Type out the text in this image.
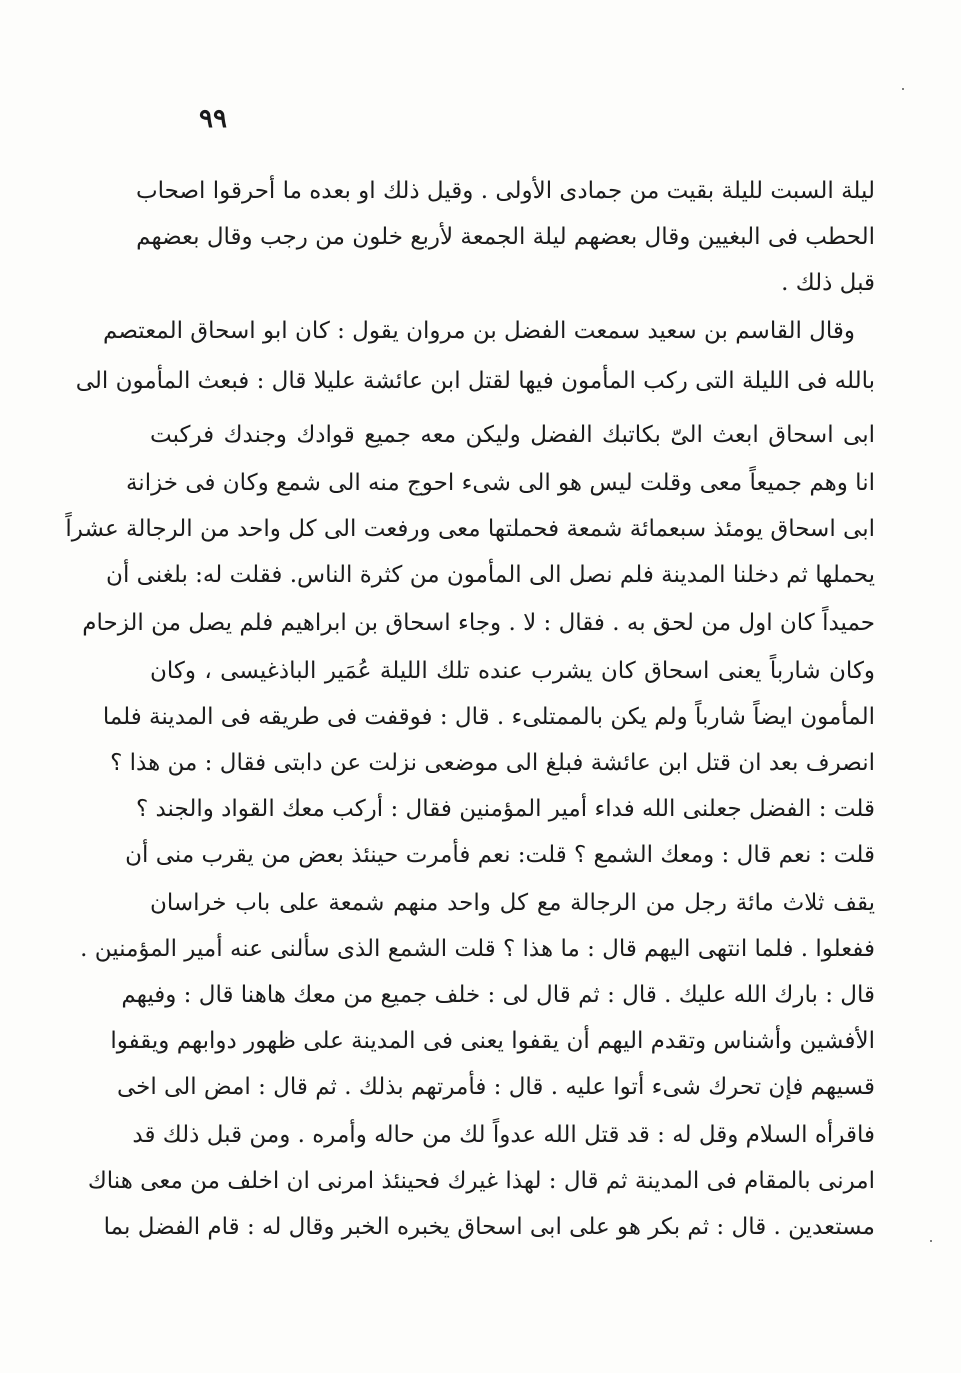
٩٩
ليلة السبت لليلة بقيت من جمادى الأولى . وقيل ذلك او بعده ما أحرقوا اصحاب
الحطب فى البغيين وقال بعضهم ليلة الجمعة لأربع خلون من رجب وقال بعضهم
قبل ذلك .
وقال القاسم بن سعيد سمعت الفضل بن مروان يقول : كان ابو اسحاق المعتصم
بالله فى الليلة التى ركب المأمون فيها لقتل ابن عائشة عليلا قال : فبعث المأمون الى
ابى اسحاق ابعث الىّ بكاتبك الفضل وليكن معه جميع قوادك وجندك فركبت
انا وهم جميعاً معى وقلت ليس هو الى شىء احوج منه الى شمع وكان فى خزانة
ابى اسحاق يومئذ سبعمائة شمعة فحملتها معى ورفعت الى كل واحد من الرجالة عشراً
يحملها ثم دخلنا المدينة فلم نصل الى المأمون من كثرة الناس. فقلت له: بلغنى أن
حميداً كان اول من لحق به . فقال : لا . وجاء اسحاق بن ابراهيم فلم يصل من الزحام
وكان شارباً يعنى اسحاق كان يشرب عنده تلك الليلة عُمَير الباذغيسى ، وكان
المأمون ايضاً شارباً ولم يكن بالممتلىء . قال : فوقفت فى طريقه فى المدينة فلما
انصرف بعد ان قتل ابن عائشة فبلغ الى موضعى نزلت عن دابتى فقال : من هذا ؟
قلت : الفضل جعلنى الله فداء أمير المؤمنين فقال : أركب معك القواد والجند ؟
قلت : نعم قال : ومعك الشمع ؟ قلت: نعم فأمرت حينئذ بعض من يقرب منى أن
يقف ثلاث مائة رجل من الرجالة مع كل واحد منهم شمعة على باب خراسان
ففعلوا . فلما انتهى اليهم قال : ما هذا ؟ قلت الشمع الذى سألنى عنه أمير المؤمنين .
قال : بارك الله عليك . قال : ثم قال لى : خلف جميع من معك هاهنا قال : وفيهم
الأفشين وأشناس وتقدم اليهم أن يقفوا يعنى فى المدينة على ظهور دوابهم ويقفوا
قسيهم فإن تحرك شىء أتوا عليه . قال : فأمرتهم بذلك . ثم قال : امض الى اخى
فاقرأه السلام وقل له : قد قتل الله عدواً لك من حاله وأمره . ومن قبل ذلك قد
امرنى بالمقام فى المدينة ثم قال : لهذا غيرك فحينئذ امرنى ان اخلف من معى هناك
مستعدين . قال : ثم بكر هو على ابى اسحاق يخبره الخبر وقال له : قام الفضل بما
